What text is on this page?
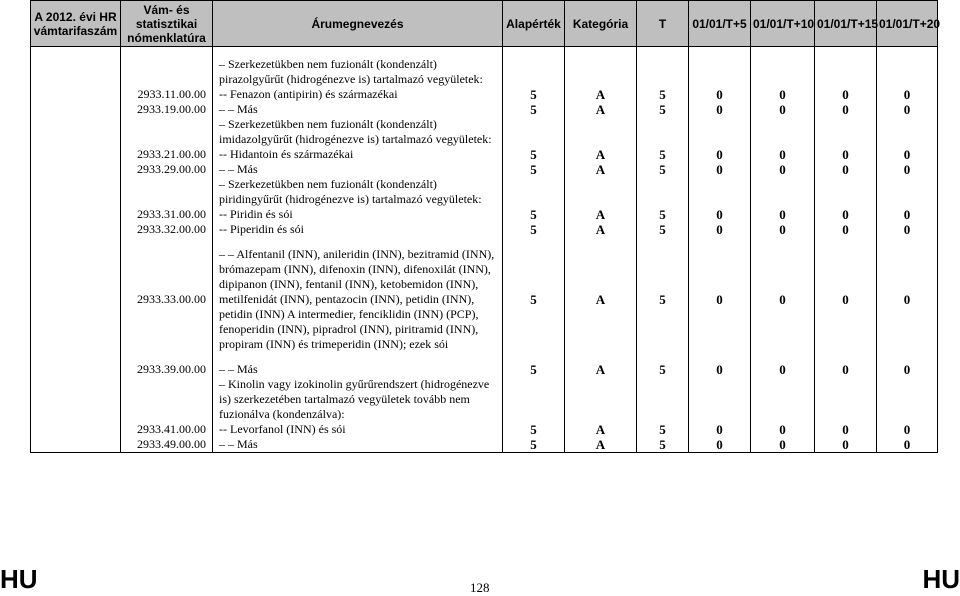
A 2012. évi HR vámtarifaszám	Vám- és statisztikai nómenklatúra	Árumegnevezés	Alapérték	Kategória	T	01/01/T+5	01/01/T+10	01/01/T+15	01/01/T+20

		– Szerkezetükben nem fuzionált (kondenzált) pirazolgyűrűt (hidrogénezve is) tartalmazó vegyületek:							
	2933.11.00.00	-- Fenazon (antipirin) és származékai	5	A	5	0	0	0	0
	2933.19.00.00	– – Más	5	A	5	0	0	0	0
		– Szerkezetükben nem fuzionált (kondenzált) imidazolgyűrűt (hidrogénezve is) tartalmazó vegyületek:							
	2933.21.00.00	-- Hidantoin és származékai	5	A	5	0	0	0	0
	2933.29.00.00	– – Más	5	A	5	0	0	0	0
		– Szerkezetükben nem fuzionált (kondenzált) piridingyűrűt (hidrogénezve is) tartalmazó vegyületek:							
	2933.31.00.00	-- Piridin és sói	5	A	5	0	0	0	0
	2933.32.00.00	-- Piperidin és sói	5	A	5	0	0	0	0

	2933.33.00.00	– – Alfentanil (INN), anileridin (INN), bezitramid (INN), brómazepam (INN), difenoxin (INN), difenoxilát (INN), dipipanon (INN), fentanil (INN), ketobemidon (INN), metilfenidát (INN), pentazocin (INN), petidin (INN), petidin (INN) A intermedier, fenciklidin (INN) (PCP), fenoperidin (INN), pipradrol (INN), piritramid (INN), propiram (INN) és trimeperidin (INN); ezek sói	5	A	5	0	0	0	0

	2933.39.00.00	– – Más	5	A	5	0	0	0	0
		– Kinolin vagy izokinolin gyűrűrendszert (hidrogénezve is) szerkezetében tartalmazó vegyületek tovább nem fuzionálva (kondenzálva):							
	2933.41.00.00	-- Levorfanol (INN) és sói	5	A	5	0	0	0	0
	2933.49.00.00	– – Más	5	A	5	0	0	0	0
HU	128	HU
